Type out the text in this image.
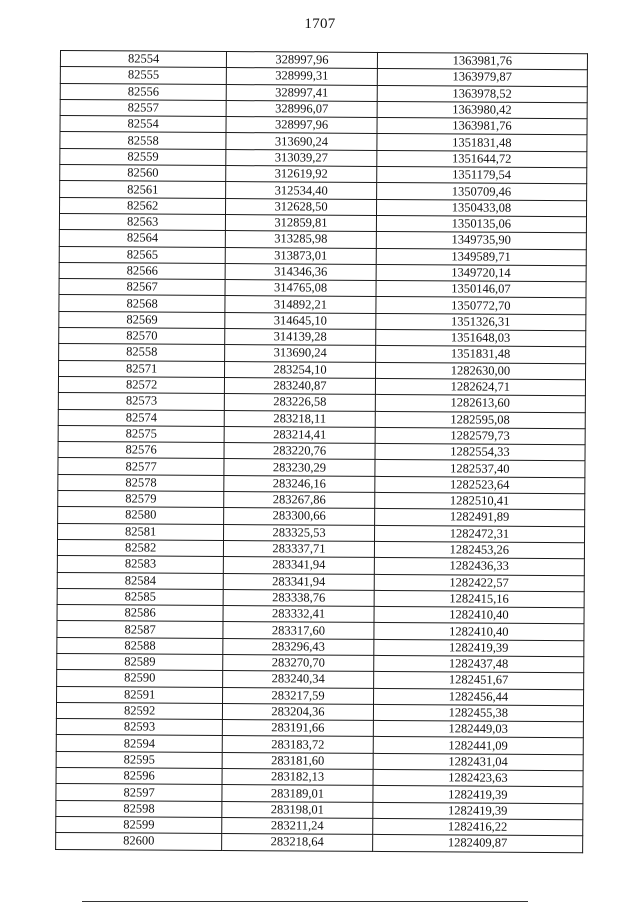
1707
82554	328997,96	1363981,76
82555	328999,31	1363979,87
82556	328997,41	1363978,52
82557	328996,07	1363980,42
82554	328997,96	1363981,76
82558	313690,24	1351831,48
82559	313039,27	1351644,72
82560	312619,92	1351179,54
82561	312534,40	1350709,46
82562	312628,50	1350433,08
82563	312859,81	1350135,06
82564	313285,98	1349735,90
82565	313873,01	1349589,71
82566	314346,36	1349720,14
82567	314765,08	1350146,07
82568	314892,21	1350772,70
82569	314645,10	1351326,31
82570	314139,28	1351648,03
82558	313690,24	1351831,48
82571	283254,10	1282630,00
82572	283240,87	1282624,71
82573	283226,58	1282613,60
82574	283218,11	1282595,08
82575	283214,41	1282579,73
82576	283220,76	1282554,33
82577	283230,29	1282537,40
82578	283246,16	1282523,64
82579	283267,86	1282510,41
82580	283300,66	1282491,89
82581	283325,53	1282472,31
82582	283337,71	1282453,26
82583	283341,94	1282436,33
82584	283341,94	1282422,57
82585	283338,76	1282415,16
82586	283332,41	1282410,40
82587	283317,60	1282410,40
82588	283296,43	1282419,39
82589	283270,70	1282437,48
82590	283240,34	1282451,67
82591	283217,59	1282456,44
82592	283204,36	1282455,38
82593	283191,66	1282449,03
82594	283183,72	1282441,09
82595	283181,60	1282431,04
82596	283182,13	1282423,63
82597	283189,01	1282419,39
82598	283198,01	1282419,39
82599	283211,24	1282416,22
82600	283218,64	1282409,87
